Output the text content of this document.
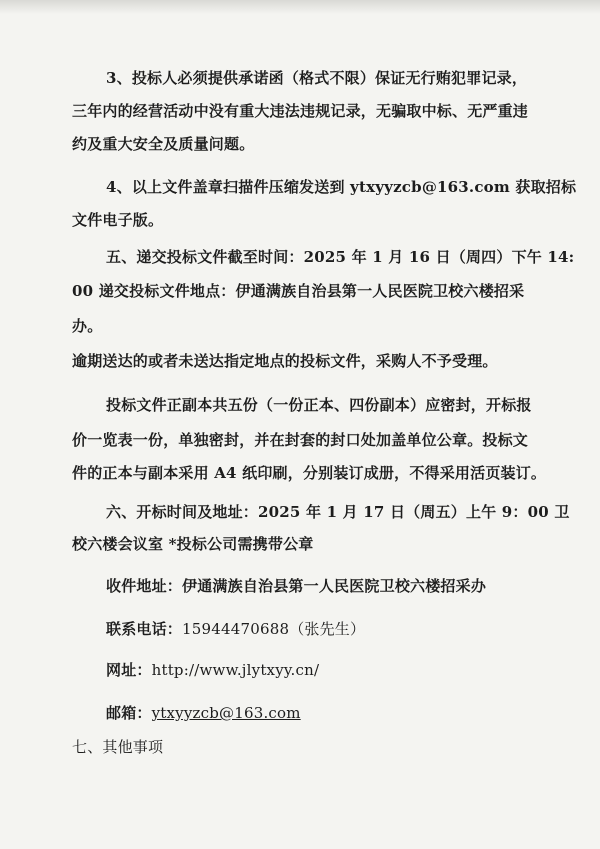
3、投标人必须提供承诺函（格式不限）保证无行贿犯罪记录，
三年内的经营活动中没有重大违法违规记录，无骗取中标、无严重违
约及重大安全及质量问题。
4、以上文件盖章扫描件压缩发送到 ytxyyzcb@163.com 获取招标
文件电子版。
五、递交投标文件截至时间：2025 年 1 月 16 日（周四）下午 14:
00 递交投标文件地点：伊通满族自治县第一人民医院卫校六楼招采
办。
逾期送达的或者未送达指定地点的投标文件，采购人不予受理。
投标文件正副本共五份（一份正本、四份副本）应密封，开标报
价一览表一份，单独密封，并在封套的封口处加盖单位公章。投标文
件的正本与副本采用 A4 纸印刷，分别装订成册，不得采用活页装订。
六、开标时间及地址：2025 年 1 月 17 日（周五）上午 9：00 卫
校六楼会议室 *投标公司需携带公章
收件地址：伊通满族自治县第一人民医院卫校六楼招采办
联系电话：15944470688（张先生）
网址：http://www.jlytxyy.cn/
邮箱：ytxyyzcb@163.com
七、其他事项
